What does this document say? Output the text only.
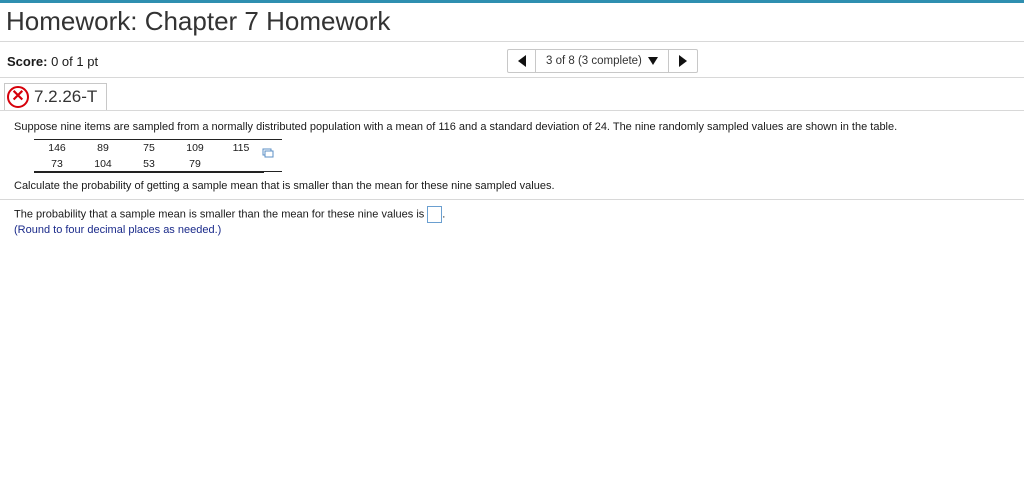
Homework: Chapter 7 Homework
Score: 0 of 1 pt	3 of 8 (3 complete)
✕ 7.2.26-T
Suppose nine items are sampled from a normally distributed population with a mean of 116 and a standard deviation of 24. The nine randomly sampled values are shown in the table.
146	89	75	109	115
73	104	53	79	
Calculate the probability of getting a sample mean that is smaller than the mean for these nine sampled values.
The probability that a sample mean is smaller than the mean for these nine values is .
(Round to four decimal places as needed.)
